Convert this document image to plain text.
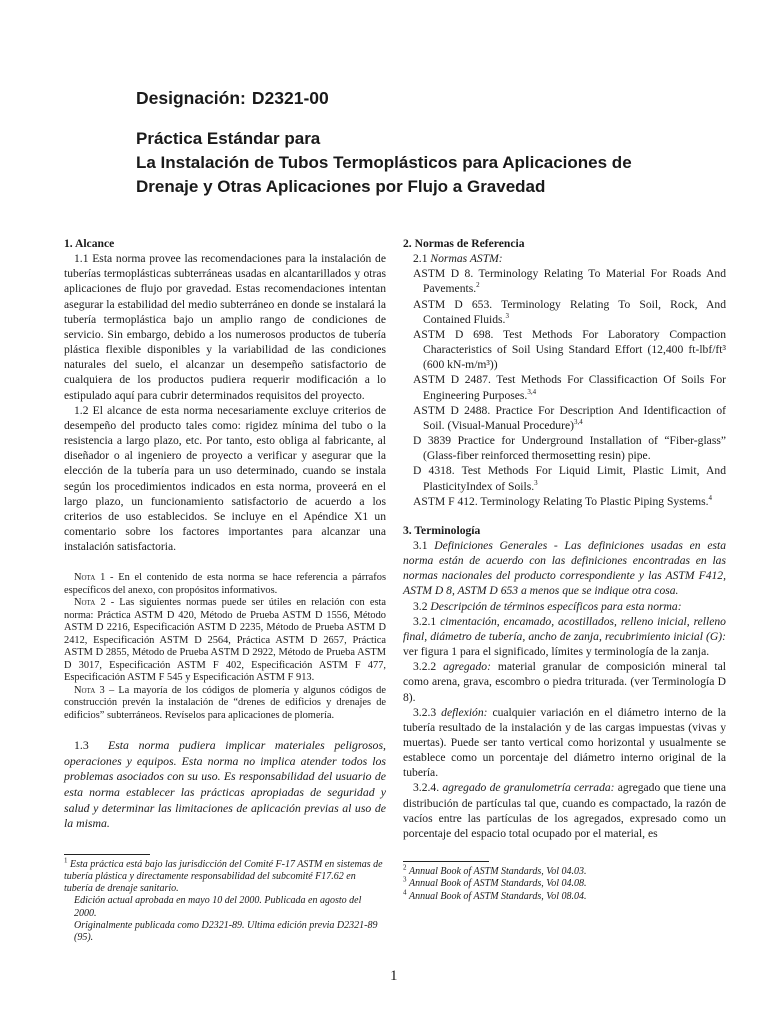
Designación: D2321-00

Práctica Estándar para

La Instalación de Tubos Termoplásticos para Aplicaciones de

Drenaje y Otras Aplicaciones por Flujo a Gravedad

1. Alcance

1.1 Esta norma provee las recomendaciones para la instalación de tuberías termoplásticas subterráneas usadas en alcantarillados y otras aplicaciones de flujo por gravedad. Estas recomendaciones intentan asegurar la estabilidad del medio subterráneo en donde se instalará la tubería termoplástica bajo un amplio rango de condiciones de servicio. Sin embargo, debido a los numerosos productos de tubería plástica flexible disponibles y la variabilidad de las condiciones naturales del suelo, el alcanzar un desempeño satisfactorio de cualquiera de los productos pudiera requerir modificación a lo estipulado aquí para cubrir determinados requisitos del proyecto.

1.2 El alcance de esta norma necesariamente excluye criterios de desempeño del producto tales como: rigidez mínima del tubo o la resistencia a largo plazo, etc. Por tanto, esto obliga al fabricante, al diseñador o al ingeniero de proyecto a verificar y asegurar que la elección de la tubería para un uso determinado, cuando se instala según los procedimientos indicados en esta norma, proveerá en el largo plazo, un funcionamiento satisfactorio de acuerdo a los criterios de uso establecidos. Se incluye en el Apéndice X1 un comentario sobre los factores importantes para alcanzar una instalación satisfactoria.

Nota 1 - En el contenido de esta norma se hace referencia a párrafos específicos del anexo, con propósitos informativos.

Nota 2 - Las siguientes normas puede ser útiles en relación con esta norma: Práctica ASTM D 420, Método de Prueba ASTM D 1556, Método ASTM D 2216, Especificación ASTM D 2235, Método de Prueba ASTM D 2412, Especificación ASTM D 2564, Práctica ASTM D 2657, Práctica ASTM D 2855, Método de Prueba ASTM D 2922, Método de Prueba ASTM D 3017, Especificación ASTM F 402, Especificación ASTM F 477, Especificación ASTM F 545 y Especificación ASTM F 913.

Nota 3 – La mayoría de los códigos de plomería y algunos códigos de construcción prevén la instalación de “drenes de edificios y drenajes de edificios” subterráneos. Revíselos para aplicaciones de plomería.

1.3 Esta norma pudiera implicar materiales peligrosos, operaciones y equipos. Esta norma no implica atender todos los problemas asociados con su uso. Es responsabilidad del usuario de esta norma establecer las prácticas apropiadas de seguridad y salud y determinar las limitaciones de aplicación previas al uso de la misma.

$^1$ Esta práctica está bajo las jurisdicción del Comité F-17 ASTM en sistemas de tubería plástica y directamente responsabilidad del subcomité F17.62 en tubería de drenaje sanitario.

Edición actual aprobada en mayo 10 del 2000. Publicada en agosto del 2000.

Originalmente publicada como D2321-89. Ultima edición previa D2321-89 (95).

2. Normas de Referencia

2.1 Normas ASTM:

ASTM D 8. Terminology Relating To Material For Roads And Pavements.$^2$

ASTM D 653. Terminology Relating To Soil, Rock, And Contained Fluids.$^3$

ASTM D 698. Test Methods For Laboratory Compaction Characteristics of Soil Using Standard Effort (12,400 ft-lbf/ft³ (600 kN-m/m³))

ASTM D 2487. Test Methods For Classificaction Of Soils For Engineering Purposes.$^{3,4}$

ASTM D 2488. Practice For Description And Identificaction of Soil. (Visual-Manual Procedure)$^{3,4}$

D 3839 Practice for Underground Installation of “Fiber-glass” (Glass-fiber reinforced thermosetting resin) pipe.

D 4318. Test Methods For Liquid Limit, Plastic Limit, And PlasticityIndex of Soils.$^3$

ASTM F 412. Terminology Relating To Plastic Piping Systems.$^4$

3. Terminología

3.1 Definiciones Generales - Las definiciones usadas en esta norma están de acuerdo con las definiciones encontradas en las normas nacionales del producto correspondiente y las ASTM F412, ASTM D 8, ASTM D 653 a menos que se indique otra cosa.

3.2 Descripción de términos específicos para esta norma:

3.2.1 cimentación, encamado, acostillados, relleno inicial, relleno final, diámetro de tubería, ancho de zanja, recubrimiento inicial (G): ver figura 1 para el significado, límites y terminología de la zanja.

3.2.2 agregado: material granular de composición mineral tal como arena, grava, escombro o piedra triturada. (ver Terminología D 8).

3.2.3 deflexión: cualquier variación en el diámetro interno de la tubería resultado de la instalación y de las cargas impuestas (vivas y muertas). Puede ser tanto vertical como horizontal y usualmente se establece como un porcentaje del diámetro interno original de la tubería.

3.2.4. agregado de granulometría cerrada: agregado que tiene una distribución de partículas tal que, cuando es compactado, la razón de vacíos entre las partículas de los agregados, expresado como un porcentaje del espacio total ocupado por el material, es

$^2$ Annual Book of ASTM Standards, Vol 04.03.

$^3$ Annual Book of ASTM Standards, Vol 04.08.

$^4$ Annual Book of ASTM Standards, Vol 08.04.

1
